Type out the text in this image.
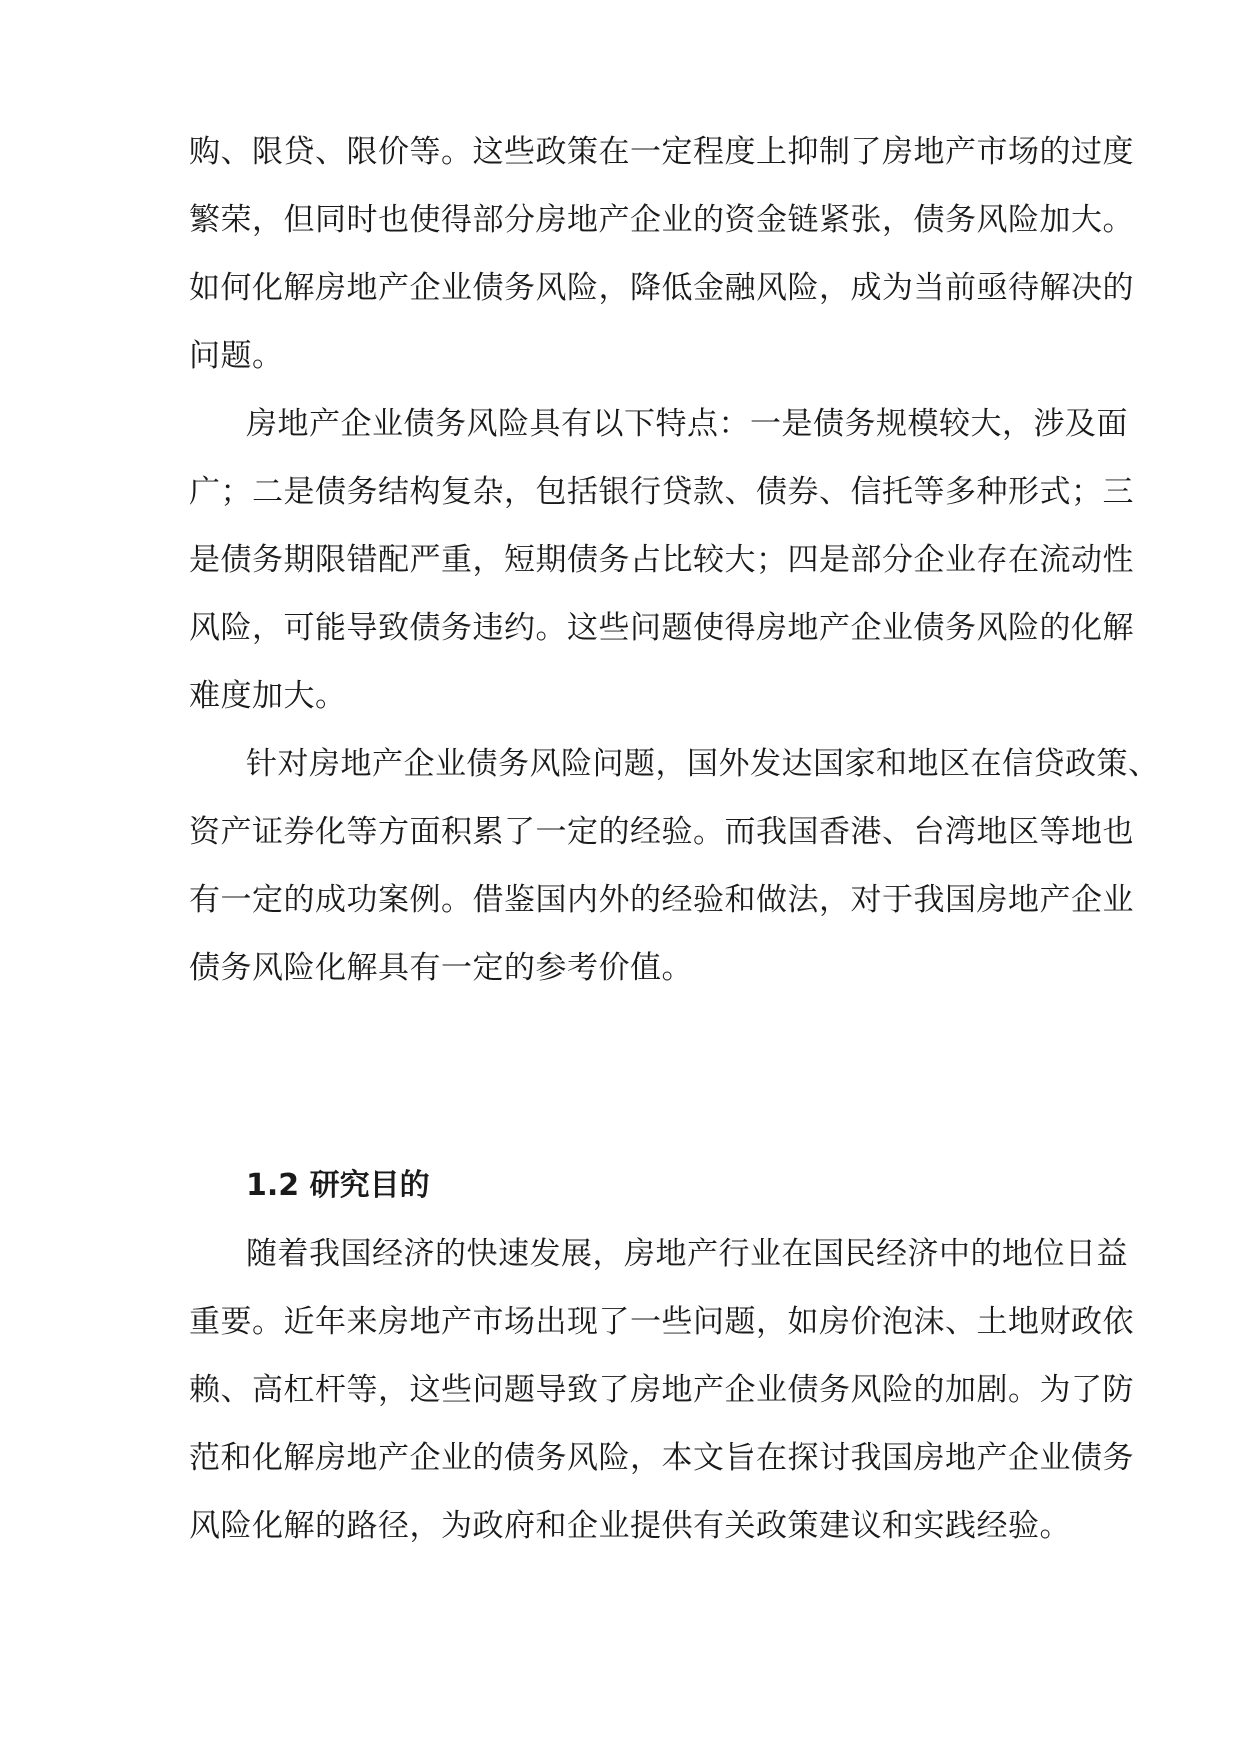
购、限贷、限价等。这些政策在一定程度上抑制了房地产市场的过度
繁荣，但同时也使得部分房地产企业的资金链紧张，债务风险加大。
如何化解房地产企业债务风险，降低金融风险，成为当前亟待解决的
问题。
房地产企业债务风险具有以下特点：一是债务规模较大，涉及面
广；二是债务结构复杂，包括银行贷款、债券、信托等多种形式；三
是债务期限错配严重，短期债务占比较大；四是部分企业存在流动性
风险，可能导致债务违约。这些问题使得房地产企业债务风险的化解
难度加大。
针对房地产企业债务风险问题，国外发达国家和地区在信贷政策、
资产证券化等方面积累了一定的经验。而我国香港、台湾地区等地也
有一定的成功案例。借鉴国内外的经验和做法，对于我国房地产企业
债务风险化解具有一定的参考价值。
1.2 研究目的
随着我国经济的快速发展，房地产行业在国民经济中的地位日益
重要。近年来房地产市场出现了一些问题，如房价泡沫、土地财政依
赖、高杠杆等，这些问题导致了房地产企业债务风险的加剧。为了防
范和化解房地产企业的债务风险，本文旨在探讨我国房地产企业债务
风险化解的路径，为政府和企业提供有关政策建议和实践经验。
